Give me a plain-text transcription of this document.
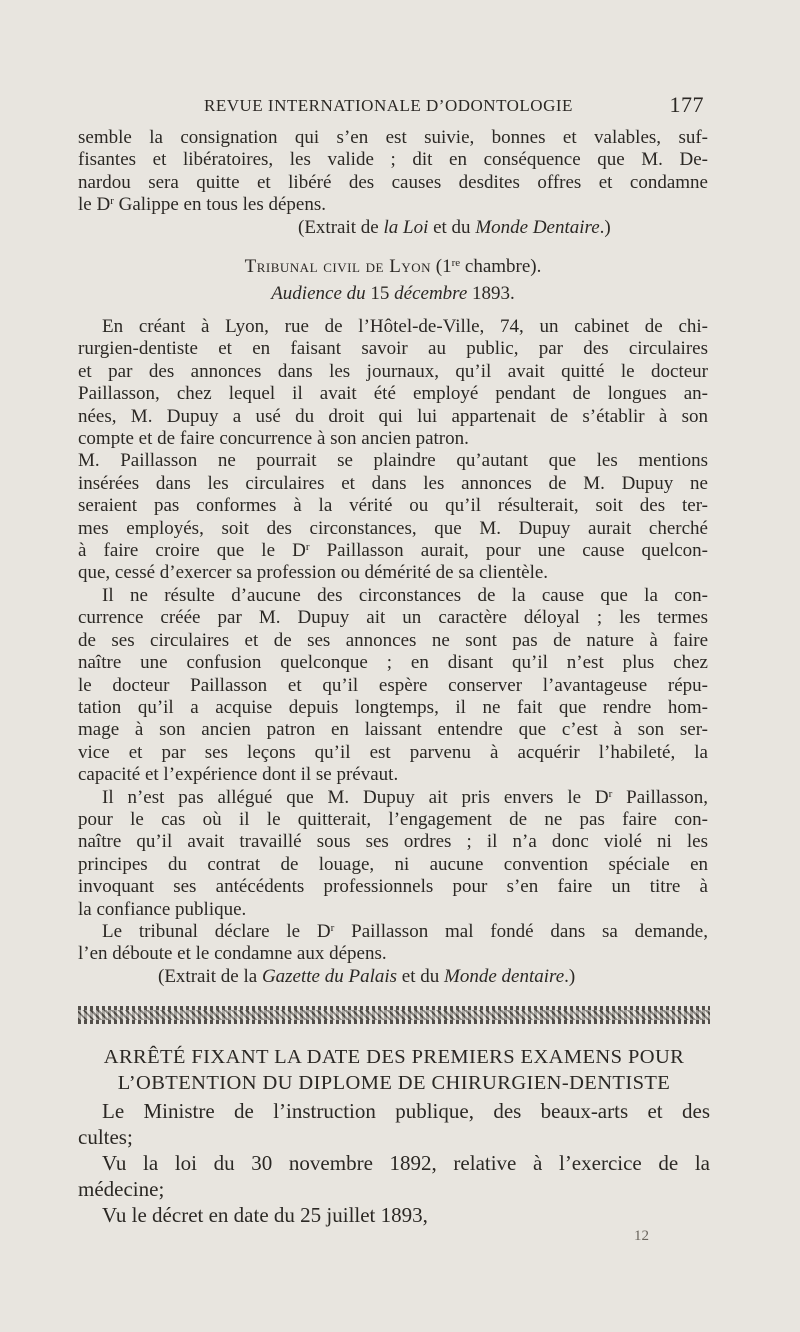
REVUE INTERNATIONALE D’ODONTOLOGIE	177
semble la consignation qui s’en est suivie, bonnes et valables, suf-
fisantes et libératoires, les valide ; dit en conséquence que M. De-
nardou sera quitte et libéré des causes desdites offres et condamne
le $D^r$ Galippe en tous les dépens.
(Extrait de la Loi et du Monde Dentaire.)
Tribunal civil de Lyon (1re chambre).
Audience du 15 décembre 1893.
En créant à Lyon, rue de l’Hôtel-de-Ville, 74, un cabinet de chi-
rurgien-dentiste et en faisant savoir au public, par des circulaires
et par des annonces dans les journaux, qu’il avait quitté le docteur
Paillasson, chez lequel il avait été employé pendant de longues an-
nées, M. Dupuy a usé du droit qui lui appartenait de s’établir à son
compte et de faire concurrence à son ancien patron.
M. Paillasson ne pourrait se plaindre qu’autant que les mentions
insérées dans les circulaires et dans les annonces de M. Dupuy ne
seraient pas conformes à la vérité ou qu’il résulterait, soit des ter-
mes employés, soit des circonstances, que M. Dupuy aurait cherché
à faire croire que le $D^r$ Paillasson aurait, pour une cause quelcon-
que, cessé d’exercer sa profession ou démérité de sa clientèle.
Il ne résulte d’aucune des circonstances de la cause que la con-
currence créée par M. Dupuy ait un caractère déloyal ; les termes
de ses circulaires et de ses annonces ne sont pas de nature à faire
naître une confusion quelconque ; en disant qu’il n’est plus chez
le docteur Paillasson et qu’il espère conserver l’avantageuse répu-
tation qu’il a acquise depuis longtemps, il ne fait que rendre hom-
mage à son ancien patron en laissant entendre que c’est à son ser-
vice et par ses leçons qu’il est parvenu à acquérir l’habileté, la
capacité et l’expérience dont il se prévaut.
Il n’est pas allégué que M. Dupuy ait pris envers le $D^r$ Paillasson,
pour le cas où il le quitterait, l’engagement de ne pas faire con-
naître qu’il avait travaillé sous ses ordres ; il n’a donc violé ni les
principes du contrat de louage, ni aucune convention spéciale en
invoquant ses antécédents professionnels pour s’en faire un titre à
la confiance publique.
Le tribunal déclare le $D^r$ Paillasson mal fondé dans sa demande,
l’en déboute et le condamne aux dépens.
(Extrait de la Gazette du Palais et du Monde dentaire.)
ARRÊTÉ FIXANT LA DATE DES PREMIERS EXAMENS POUR
L’OBTENTION DU DIPLOME DE CHIRURGIEN-DENTISTE
Le Ministre de l’instruction publique, des beaux-arts et des
cultes;
Vu la loi du 30 novembre 1892, relative à l’exercice de la
médecine;
Vu le décret en date du 25 juillet 1893,
12
